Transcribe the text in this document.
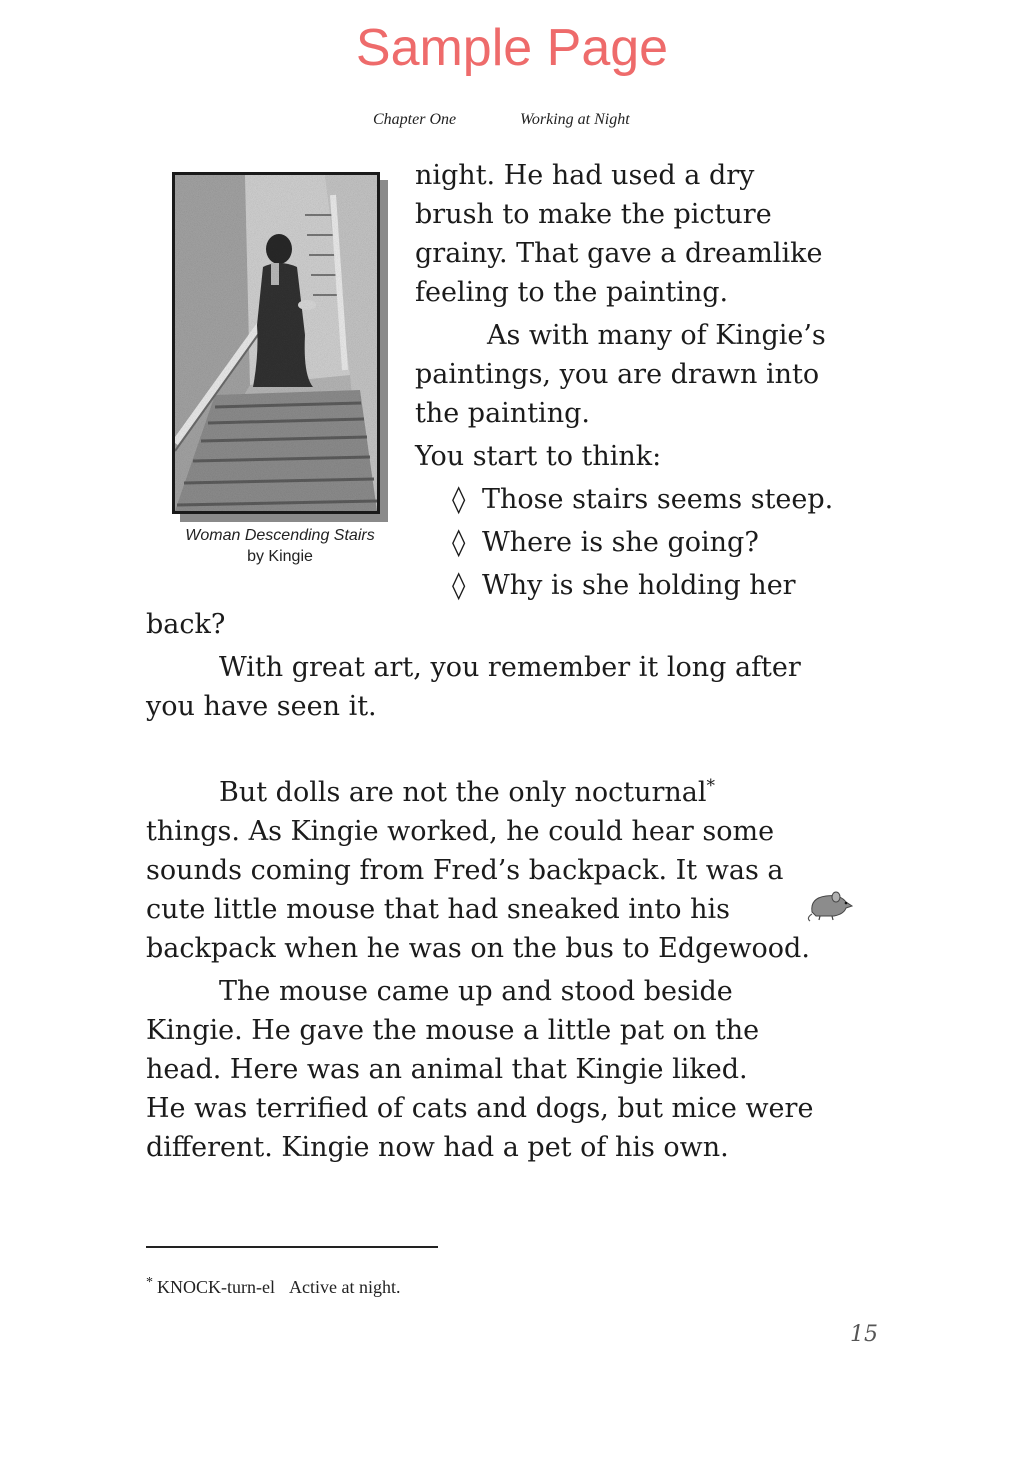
Sample Page
Chapter One	Working at Night
Woman Descending Stairs
by Kingie
night. He had used a dry
brush to make the picture
grainy. That gave a dreamlike
feeling to the painting.
As with many of Kingie’s
paintings, you are drawn into
the painting.
You start to think:
◊ Those stairs seems steep.
◊ Where is she going?
◊ Why is she holding her
back?
With great art, you remember it long after
you have seen it.
But dolls are not the only nocturnal*
things. As Kingie worked, he could hear some
sounds coming from Fred’s backpack. It was a
cute little mouse that had sneaked into his
backpack when he was on the bus to Edgewood.
The mouse came up and stood beside
Kingie. He gave the mouse a little pat on the
head. Here was an animal that Kingie liked.
He was terrified of cats and dogs, but mice were
different. Kingie now had a pet of his own.
* KNOCK-turn-el Active at night.
15
